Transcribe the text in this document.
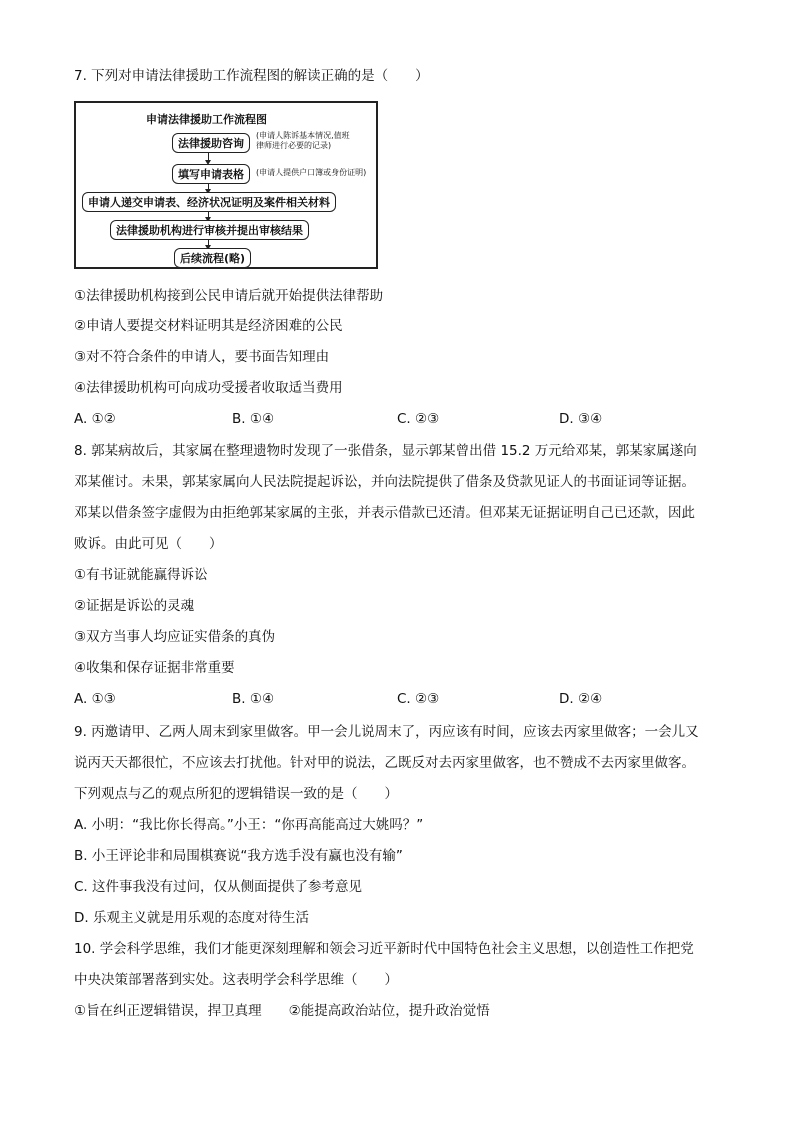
7. 下列对申请法律援助工作流程图的解读正确的是（　　）
申请法律援助工作流程图
法律援助咨询
(申请人陈诉基本情况,值班
律师进行必要的记录)
填写申请表格	(申请人提供户口簿或身份证明)
申请人递交申请表、经济状况证明及案件相关材料
法律援助机构进行审核并提出审核结果
后续流程(略)
①法律援助机构接到公民申请后就开始提供法律帮助
②申请人要提交材料证明其是经济困难的公民
③对不符合条件的申请人，要书面告知理由
④法律援助机构可向成功受援者收取适当费用
A. ①②	B. ①④	C. ②③	D. ③④
8. 郭某病故后，其家属在整理遗物时发现了一张借条，显示郭某曾出借 15.2 万元给邓某，郭某家属遂向
邓某催讨。未果，郭某家属向人民法院提起诉讼，并向法院提供了借条及贷款见证人的书面证词等证据。
邓某以借条签字虚假为由拒绝郭某家属的主张，并表示借款已还清。但邓某无证据证明自己已还款，因此
败诉。由此可见（　　）
①有书证就能赢得诉讼
②证据是诉讼的灵魂
③双方当事人均应证实借条的真伪
④收集和保存证据非常重要
A. ①③	B. ①④	C. ②③	D. ②④
9. 丙邀请甲、乙两人周末到家里做客。甲一会儿说周末了，丙应该有时间，应该去丙家里做客；一会儿又
说丙天天都很忙，不应该去打扰他。针对甲的说法，乙既反对去丙家里做客，也不赞成不去丙家里做客。
下列观点与乙的观点所犯的逻辑错误一致的是（　　）
A. 小明：“我比你长得高。”小王：“你再高能高过大姚吗？”
B. 小王评论非和局围棋赛说“我方选手没有赢也没有输”
C. 这件事我没有过问，仅从侧面提供了参考意见
D. 乐观主义就是用乐观的态度对待生活
10. 学会科学思维，我们才能更深刻理解和领会习近平新时代中国特色社会主义思想，以创造性工作把党
中央决策部署落到实处。这表明学会科学思维（　　）
①旨在纠正逻辑错误，捍卫真理　　②能提高政治站位，提升政治觉悟
